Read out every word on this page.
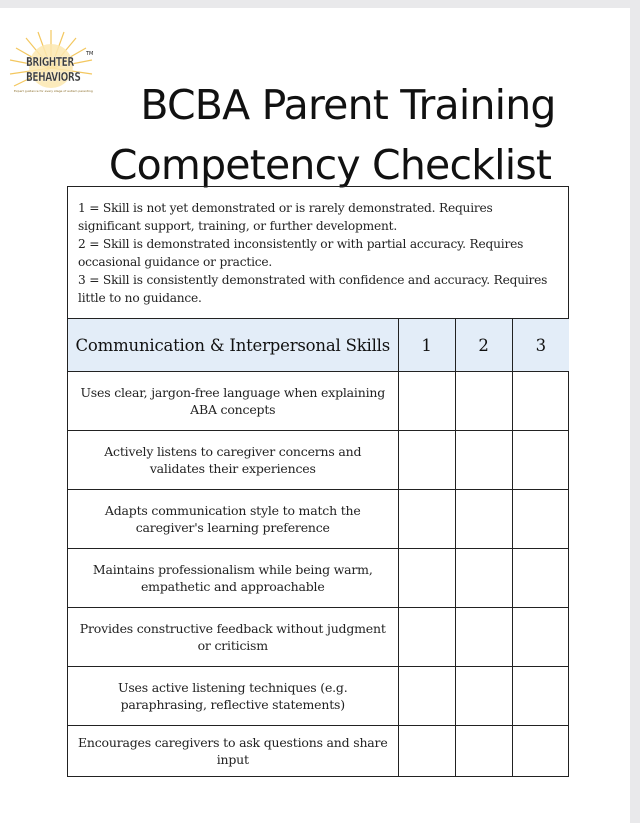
BRIGHTER	TM
BEHAVIORS
Expert guidance for every stage of autism parenting	BCBA Parent Training
Competency Checklist

1 = Skill is not yet demonstrated or is rarely demonstrated. Requires significant support, training, or further development.

2 = Skill is demonstrated inconsistently or with partial accuracy. Requires occasional guidance or practice.

3 = Skill is consistently demonstrated with confidence and accuracy. Requires little to no guidance.

Communication & Interpersonal Skills	1	2	3
Uses clear, jargon-free language when explaining ABA concepts			
Actively listens to caregiver concerns and validates their experiences			
Adapts communication style to match the caregiver's learning preference			
Maintains professionalism while being warm, empathetic and approachable			
Provides constructive feedback without judgment or criticism			
Uses active listening techniques (e.g. paraphrasing, reflective statements)			
Encourages caregivers to ask questions and share input			
